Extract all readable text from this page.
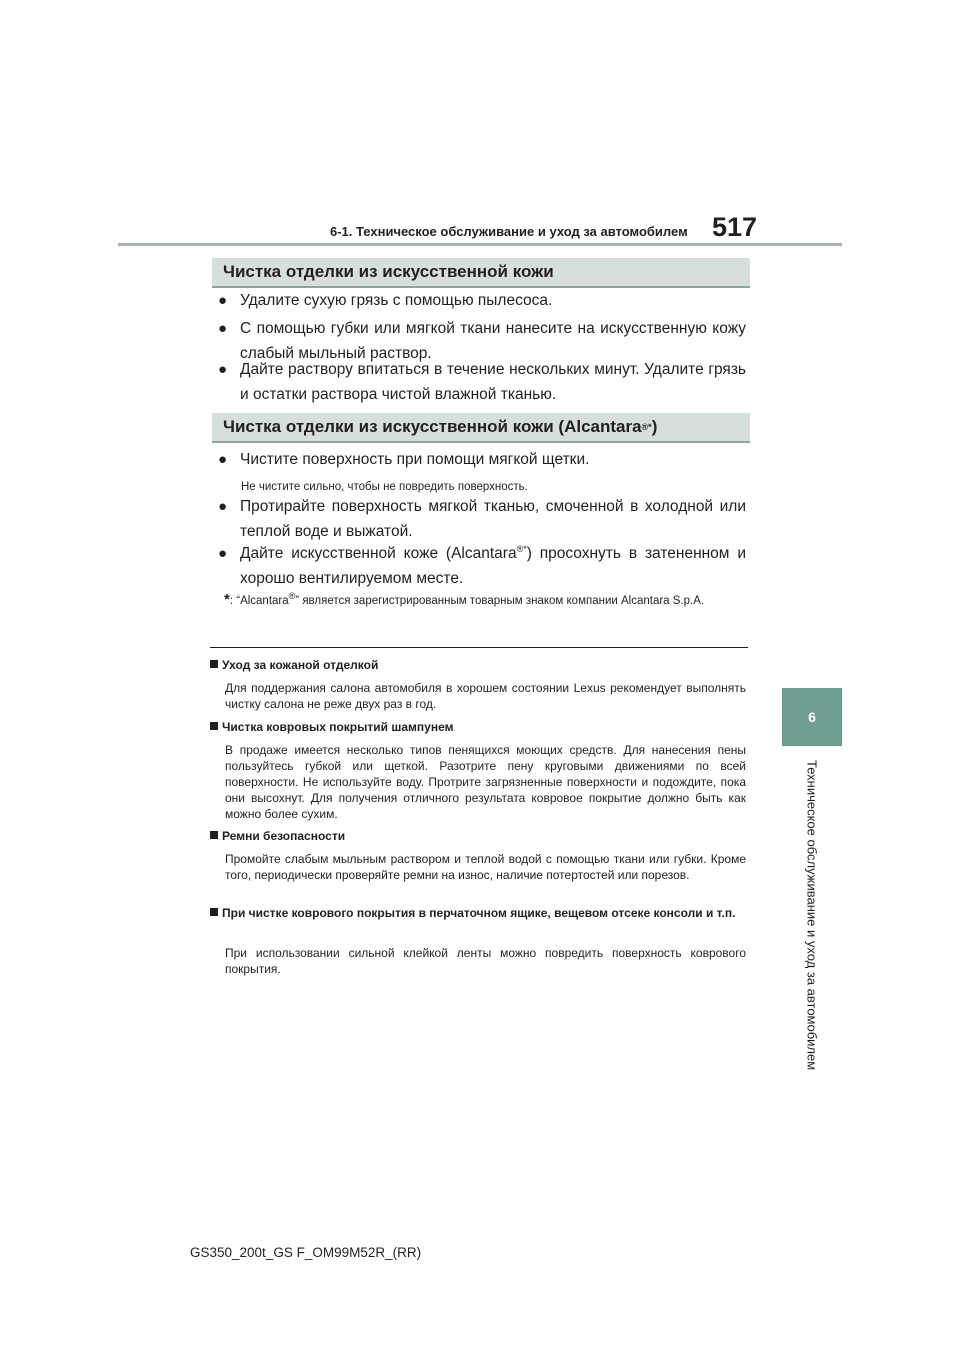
6-1. Техническое обслуживание и уход за автомобилем 517
6
Техническое обслуживание и уход за автомобилем
Чистка отделки из искусственной кожи
● Удалите сухую грязь с помощью пылесоса.
● С помощью губки или мягкой ткани нанесите на искусственную кожу слабый мыльный раствор.
● Дайте раствору впитаться в течение нескольких минут. Удалите грязь и остатки раствора чистой влажной тканью.
Чистка отделки из искусственной кожи (Alcantara ®* )
● Чистите поверхность при помощи мягкой щетки.
Не чистите сильно, чтобы не повредить поверхность.
● Протирайте поверхность мягкой тканью, смоченной в холодной или теплой воде и выжатой.
● Дайте искусственной коже (Alcantara®*) просохнуть в затененном и хорошо вентилируемом месте.
*: “Alcantara®” является зарегистрированным товарным знаком компании Alcantara S.p.A.
Уход за кожаной отделкой
Для поддержания салона автомобиля в хорошем состоянии Lexus рекомендует выполнять чистку салона не реже двух раз в год.
Чистка ковровых покрытий шампунем
В продаже имеется несколько типов пенящихся моющих средств. Для нанесения пены пользуйтесь губкой или щеткой. Разотрите пену круговыми движениями по всей поверхности. Не используйте воду. Протрите загрязненные поверхности и подождите, пока они высохнут. Для получения отличного результата ковровое покрытие должно быть как можно более сухим.
Ремни безопасности
Промойте слабым мыльным раствором и теплой водой с помощью ткани или губки. Кроме того, периодически проверяйте ремни на износ, наличие потертостей или порезов.
При чистке коврового покрытия в перчаточном ящике, вещевом отсеке консоли и т.п.
При использовании сильной клейкой ленты можно повредить поверхность коврового покрытия.
GS350_200t_GS F_OM99M52R_(RR)
